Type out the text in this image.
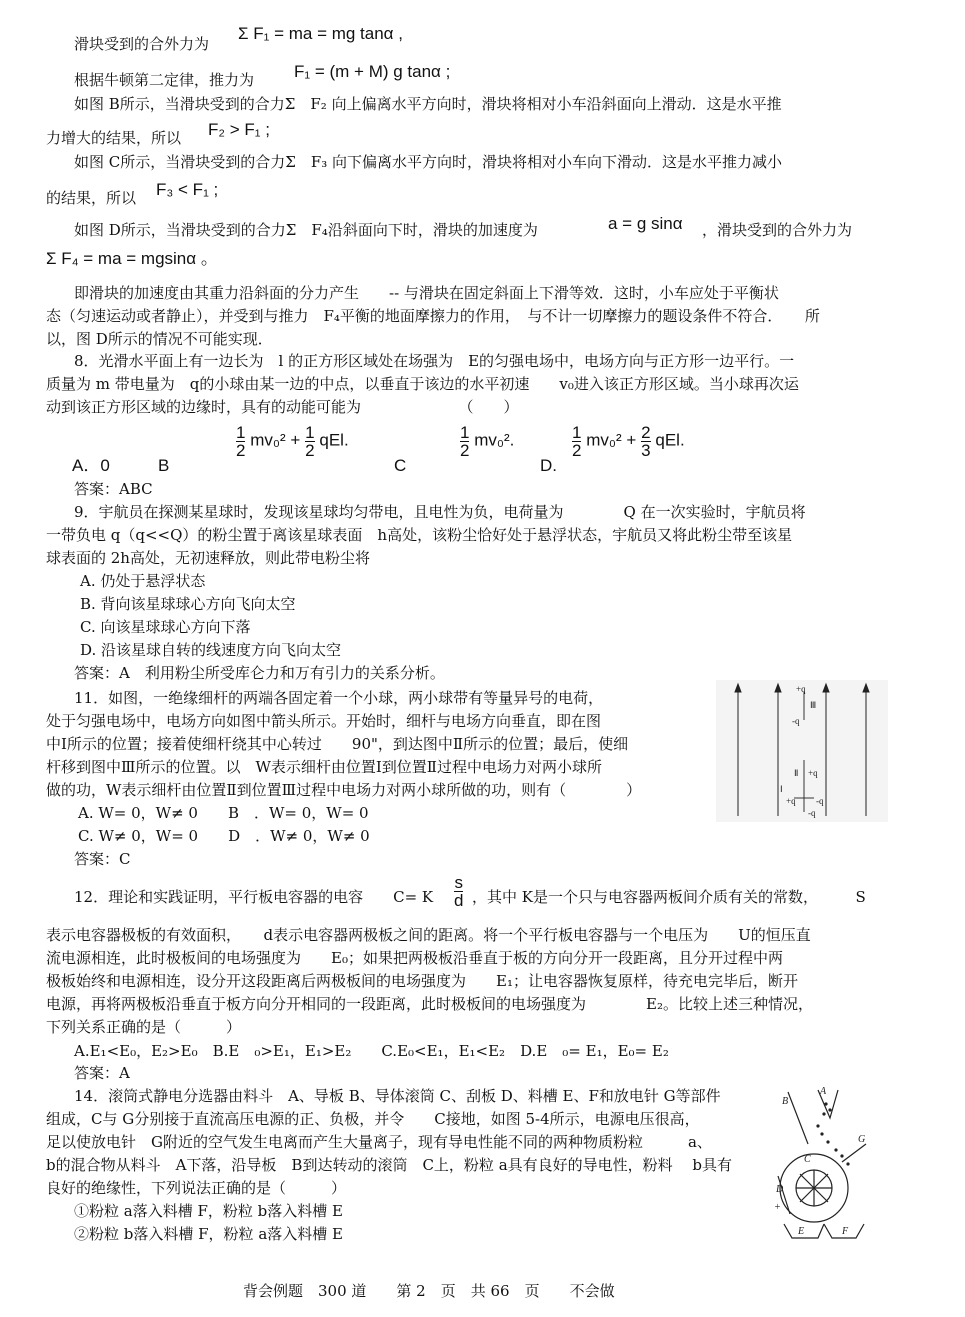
滑块受到的合外力为
Σ F₁ = ma = mg tanα ,
根据牛顿第二定律，推力为 F₁ = (m + M) g tanα ;
如图 B所示，当滑块受到的合力Σ　F₂ 向上偏离水平方向时，滑块将相对小车沿斜面向上滑动．这是水平推
力增大的结果，所以 F₂ > F₁ ;
如图 C所示，当滑块受到的合力Σ　F₃ 向下偏离水平方向时，滑块将相对小车向下滑动．这是水平推力减小
的结果，所以 F₃ < F₁ ;
如图 D所示，当滑块受到的合力Σ　F₄沿斜面向下时，滑块的加速度为	a = g sinα ，滑块受到的合外力为
Σ F₄ = ma = mgsinα 。
即滑块的加速度由其重力沿斜面的分力产生　　-- 与滑块在固定斜面上下滑等效．这时，小车应处于平衡状
态（匀速运动或者静止），并受到与推力　F₄平衡的地面摩擦力的作用，　与不计一切摩擦力的题设条件不符合．　　所
以，图 D所示的情况不可能实现．
8．光滑水平面上有一边长为　l 的正方形区域处在场强为　E的匀强电场中，电场方向与正方形一边平行。一
质量为 m 带电量为　q的小球由某一边的中点，以垂直于该边的水平初速　　v₀进入该正方形区域。当小球再次运
动到该正方形区域的边缘时，具有的动能可能为　　　　　　　（　　）
A．0	B
$\frac{1}{2} mv_0^2 + \frac{1}{2}$ qEl.
C
$\frac{1}{2} mv_0^2$.
D.
$\frac{1}{2} mv_0^2 + \frac{2}{3}$ qEl.
答案：ABC
9．宇航员在探测某星球时，发现该星球均匀带电，且电性为负，电荷量为　　　　Q 在一次实验时，宇航员将
一带负电 q（q<<Q）的粉尘置于离该星球表面　h高处，该粉尘恰好处于悬浮状态，宇航员又将此粉尘带至该星
球表面的 2h高处，无初速释放，则此带电粉尘将
A. 仍处于悬浮状态
B. 背向该星球球心方向飞向太空
C. 向该星球球心方向下落
D. 沿该星球自转的线速度方向飞向太空
答案：A　利用粉尘所受库仑力和万有引力的关系分析。
11．如图，一绝缘细杆的两端各固定着一个小球，两小球带有等量异号的电荷，
处于匀强电场中，电场方向如图中箭头所示。开始时，细杆与电场方向垂直，即在图
中Ⅰ所示的位置；接着使细杆绕其中心转过　　90"，到达图中Ⅱ所示的位置；最后，使细
杆移到图中Ⅲ所示的位置。以　W表示细杆由位置Ⅰ到位置Ⅱ过程中电场力对两小球所
做的功，W表示细杆由位置Ⅱ到位置Ⅲ过程中电场力对两小球所做的功，则有（　　　　）
A. W= 0，W≠ 0　　B　．W= 0，W= 0
C. W≠ 0，W= 0　　D　．W≠ 0，W≠ 0
答案：C
+q
Ⅲ
-q
Ⅱ +q
Ⅰ
+q -q
-q
12．理论和实践证明，平行板电容器的电容　　C= K $\frac{s}{d}$ ，其中 K是一个只与电容器两板间介质有关的常数，　　　S
表示电容器极板的有效面积，　　d表示电容器两极板之间的距离。将一个平行板电容器与一个电压为　　U的恒压直
流电源相连，此时极板间的电场强度为　　E₀；如果把两极板沿垂直于板的方向分开一段距离，且分开过程中两
极板始终和电源相连，设分开这段距离后两极板间的电场强度为　　E₁；让电容器恢复原样，待充电完毕后，断开
电源，再将两极板沿垂直于板方向分开相同的一段距离，此时极板间的电场强度为　　　　E₂。比较上述三种情况，
下列关系正确的是（　　　）
A.E₁<E₀，E₂>E₀　B.E　₀>E₁，E₁>E₂　　C.E₀<E₁，E₁<E₂　D.E　₀= E₁，E₀= E₂
答案：A
14．滚筒式静电分选器由料斗　A、导板 B、导体滚筒 C、刮板 D、料槽 E、F和放电针 G等部件
组成，C与 G分别接于直流高压电源的正、负极，并令　　C接地，如图 5-4所示，电源电压很高，
足以使放电针　G附近的空气发生电离而产生大量离子，现有导电性能不同的两种物质粉粒　　　a、
b的混合物从料斗　A下落，沿导板　B到达转动的滚筒　C上，粉粒 a具有良好的导电性，粉料　 b具有
良好的绝缘性，下列说法正确的是（　　　）
①粉粒 a落入料槽 F，粉粒 b落入料槽 E
②粉粒 b落入料槽 F，粉粒 a落入料槽 E
A
B
C
D
E	F
G
+
背会例题　300 道　　第 2　页　共 66　页　　不会做
